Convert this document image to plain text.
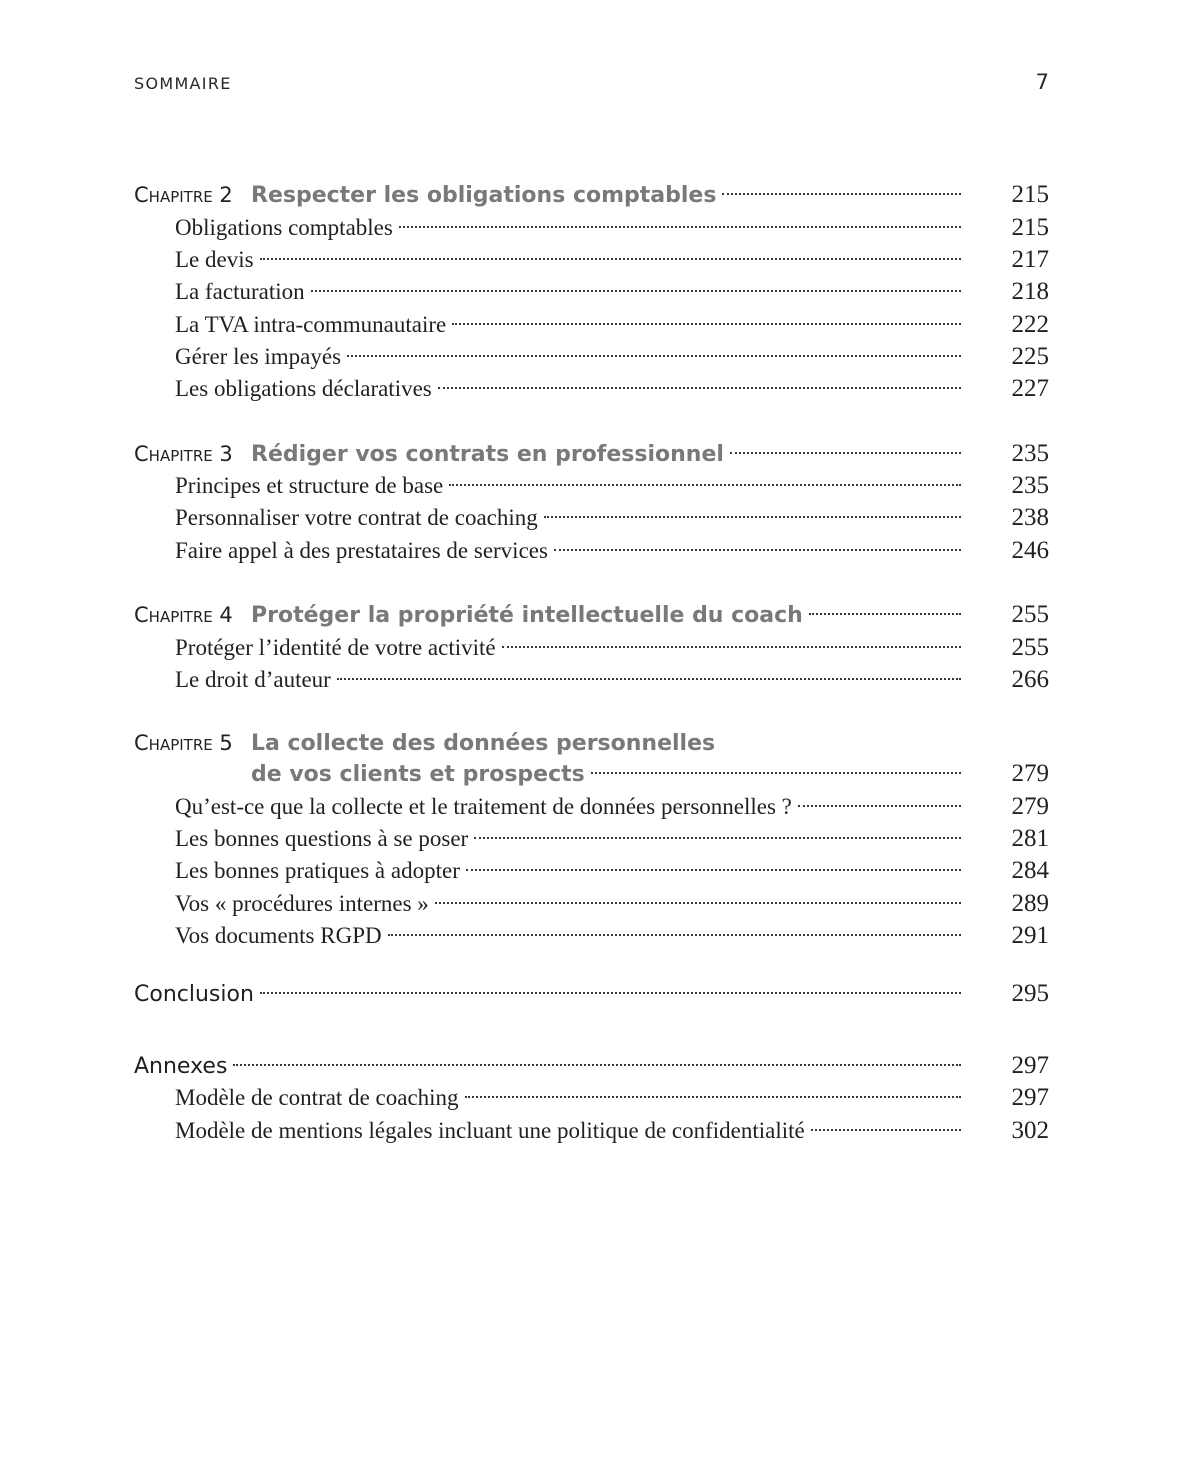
SOMMAIRE	7
Chapitre 2 Respecter les obligations comptables	215
Obligations comptables	215
Le devis	217
La facturation	218
La TVA intra-communautaire	222
Gérer les impayés	225
Les obligations déclaratives	227
Chapitre 3 Rédiger vos contrats en professionnel	235
Principes et structure de base	235
Personnaliser votre contrat de coaching	238
Faire appel à des prestataires de services	246
Chapitre 4 Protéger la propriété intellectuelle du coach	255
Protéger l’identité de votre activité	255
Le droit d’auteur	266
Chapitre 5 La collecte des données personnelles
de vos clients et prospects	279
Qu’est-ce que la collecte et le traitement de données personnelles ?	279
Les bonnes questions à se poser	281
Les bonnes pratiques à adopter	284
Vos « procédures internes »	289
Vos documents RGPD	291
Conclusion	295
Annexes	297
Modèle de contrat de coaching	297
Modèle de mentions légales incluant une politique de confidentialité	302
